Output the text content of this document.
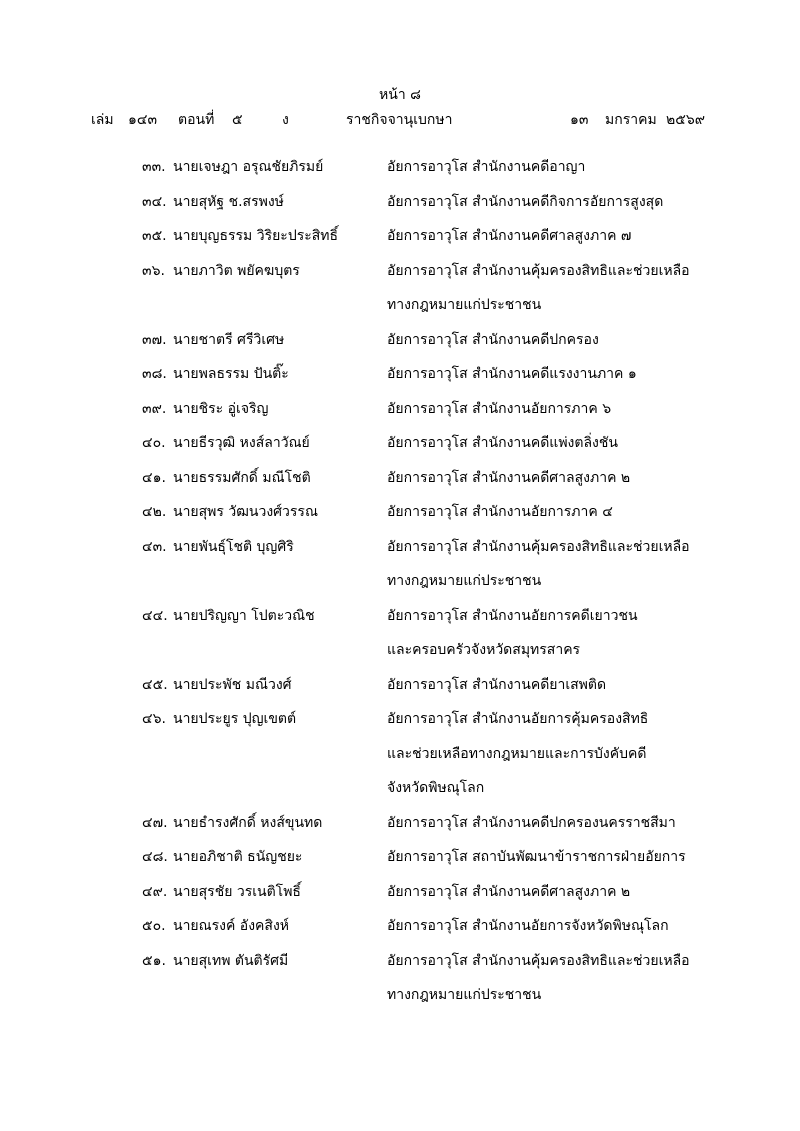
หน้า ๘
เล่ม ๑๔๓ ตอนที่ ๕	ง	ราชกิจจานุเบกษา	๑๓ มกราคม ๒๕๖๙
๓๓. นายเจษฎา อรุณชัยภิรมย์	อัยการอาวุโส สำนักงานคดีอาญา
๓๔. นายสุหัฐ ช.สรพงษ์	อัยการอาวุโส สำนักงานคดีกิจการอัยการสูงสุด
๓๕. นายบุญธรรม วิริยะประสิทธิ์	อัยการอาวุโส สำนักงานคดีศาลสูงภาค ๗
๓๖. นายภาวิต พยัคฆบุตร	อัยการอาวุโส สำนักงานคุ้มครองสิทธิและช่วยเหลือ
ทางกฎหมายแก่ประชาชน
๓๗. นายชาตรี ศรีวิเศษ	อัยการอาวุโส สำนักงานคดีปกครอง
๓๘. นายพลธรรม ปันติ๊ะ	อัยการอาวุโส สำนักงานคดีแรงงานภาค ๑
๓๙. นายชิระ อู่เจริญ	อัยการอาวุโส สำนักงานอัยการภาค ๖
๔๐. นายธีรวุฒิ หงส์ลาวัณย์	อัยการอาวุโส สำนักงานคดีแพ่งตลิ่งชัน
๔๑. นายธรรมศักดิ์ มณีโชติ	อัยการอาวุโส สำนักงานคดีศาลสูงภาค ๒
๔๒. นายสุพร วัฒนวงศ์วรรณ	อัยการอาวุโส สำนักงานอัยการภาค ๔
๔๓. นายพันธุ์โชติ บุญศิริ	อัยการอาวุโส สำนักงานคุ้มครองสิทธิและช่วยเหลือ
ทางกฎหมายแก่ประชาชน
๔๔. นายปริญญา โปตะวณิช	อัยการอาวุโส สำนักงานอัยการคดีเยาวชน
และครอบครัวจังหวัดสมุทรสาคร
๔๕. นายประพัช มณีวงศ์	อัยการอาวุโส สำนักงานคดียาเสพติด
๔๖. นายประยูร ปุญเขตต์	อัยการอาวุโส สำนักงานอัยการคุ้มครองสิทธิ
และช่วยเหลือทางกฎหมายและการบังคับคดี
จังหวัดพิษณุโลก
๔๗. นายธำรงศักดิ์ หงส์ขุนทด	อัยการอาวุโส สำนักงานคดีปกครองนครราชสีมา
๔๘. นายอภิชาติ ธนัญชยะ	อัยการอาวุโส สถาบันพัฒนาข้าราชการฝ่ายอัยการ
๔๙. นายสุรชัย วรเนติโพธิ์	อัยการอาวุโส สำนักงานคดีศาลสูงภาค ๒
๕๐. นายณรงค์ อังคสิงห์	อัยการอาวุโส สำนักงานอัยการจังหวัดพิษณุโลก
๕๑. นายสุเทพ ตันติรัศมี	อัยการอาวุโส สำนักงานคุ้มครองสิทธิและช่วยเหลือ
ทางกฎหมายแก่ประชาชน
